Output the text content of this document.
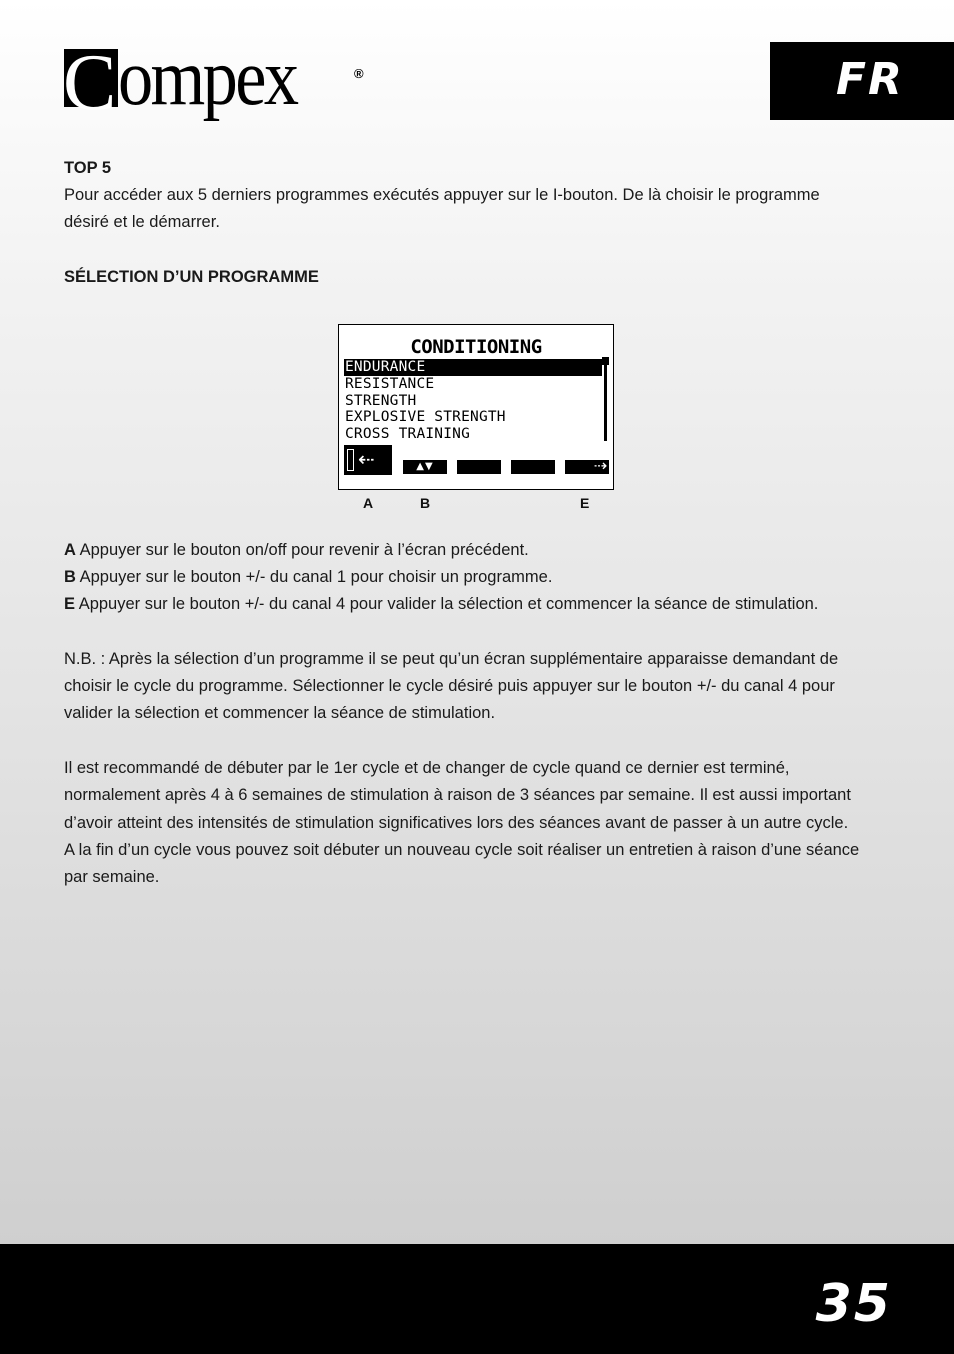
C ompex	®	FR

TOP 5

Pour accéder aux 5 derniers programmes exécutés appuyer sur le I-bouton. De là choisir le programme

désiré et le démarrer.

SÉLECTION D’UN PROGRAMME

CONDITIONING
ENDURANCE
RESISTANCE
STRENGTH
EXPLOSIVE STRENGTH
CROSS TRAINING
⇠	▲▼	⇢
A	B	E

A Appuyer sur le bouton on/off pour revenir à l’écran précédent.

B Appuyer sur le bouton +/- du canal 1 pour choisir un programme.

E Appuyer sur le bouton +/- du canal 4 pour valider la sélection et commencer la séance de stimulation.

N.B. : Après la sélection d’un programme il se peut qu’un écran supplémentaire apparaisse demandant de

choisir le cycle du programme. Sélectionner le cycle désiré puis appuyer sur le bouton +/- du canal 4 pour

valider la sélection et commencer la séance de stimulation.

Il est recommandé de débuter par le 1er cycle et de changer de cycle quand ce dernier est terminé,

normalement après 4 à 6 semaines de stimulation à raison de 3 séances par semaine. Il est aussi important

d’avoir atteint des intensités de stimulation significatives lors des séances avant de passer à un autre cycle.

A la fin d’un cycle vous pouvez soit débuter un nouveau cycle soit réaliser un entretien à raison d’une séance

par semaine.

35
